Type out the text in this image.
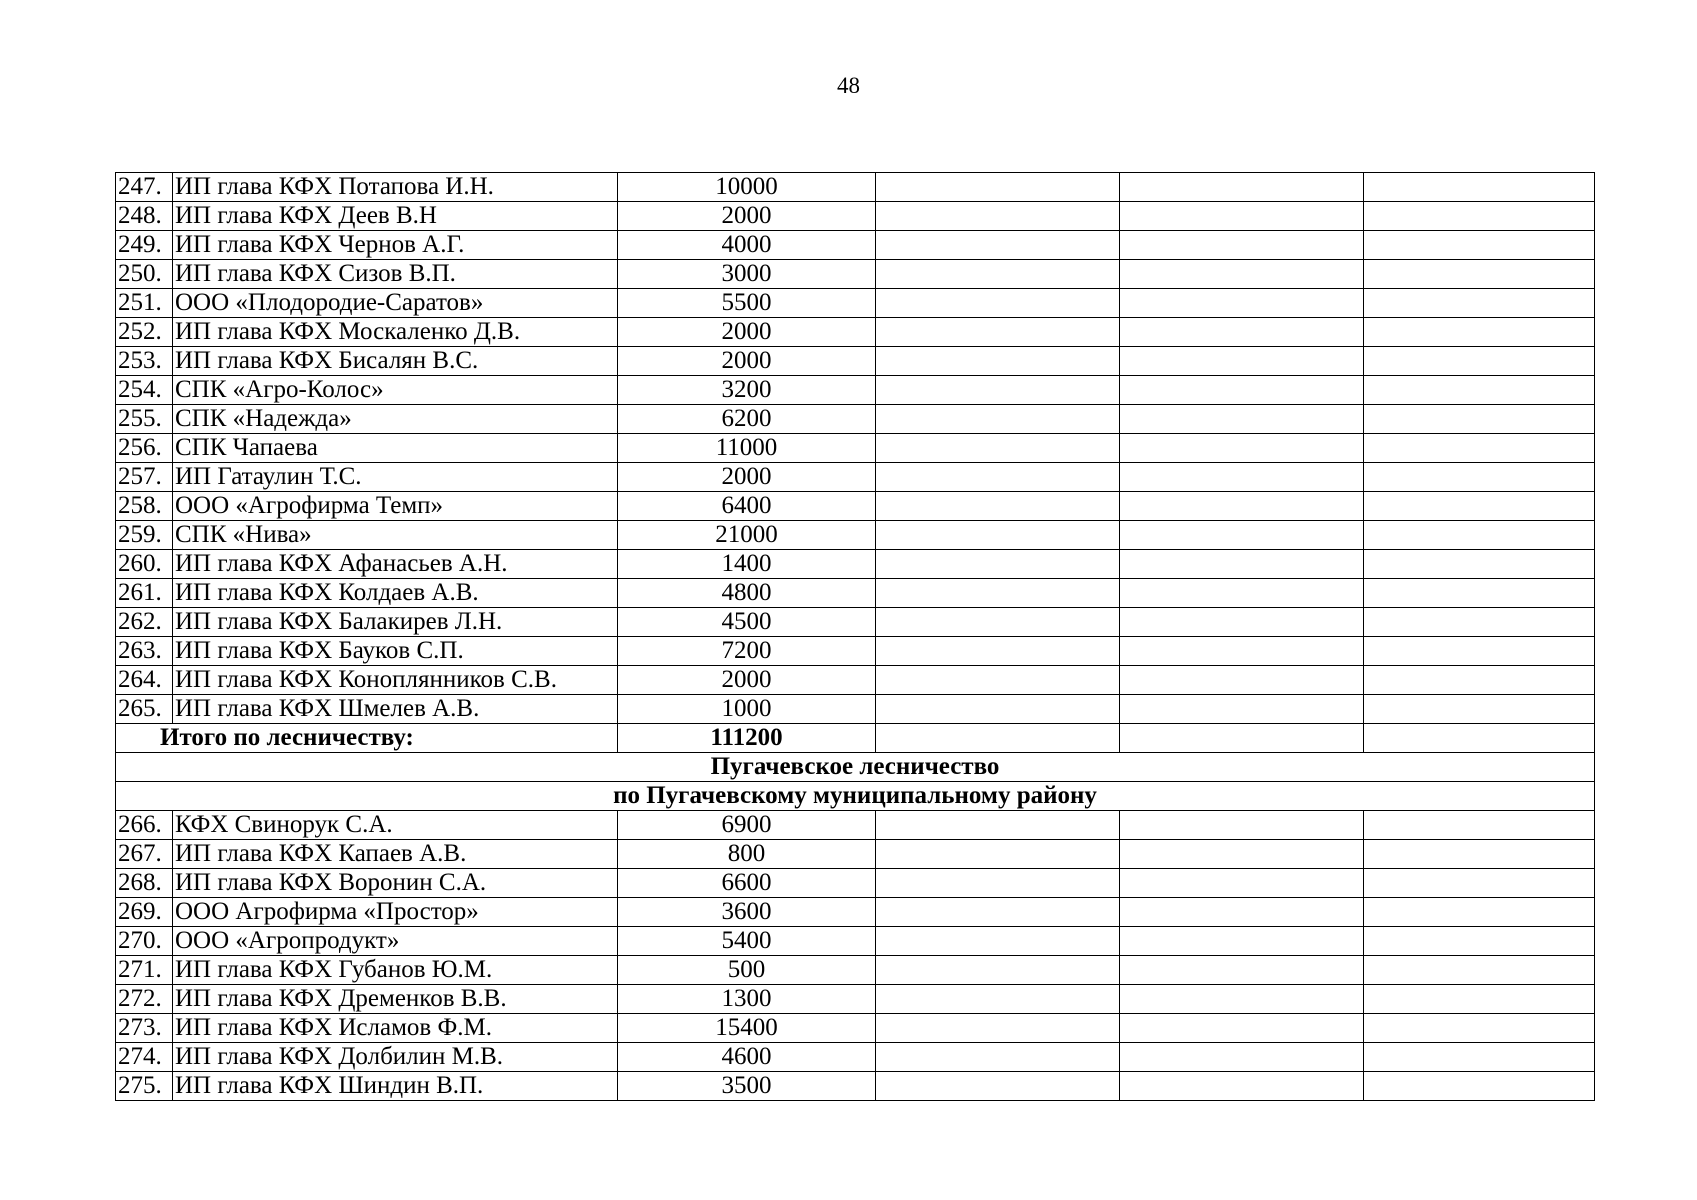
48
247.	ИП глава КФХ Потапова И.Н.	10000			
248.	ИП глава КФХ Деев В.Н	2000			
249.	ИП глава КФХ Чернов А.Г.	4000			
250.	ИП глава КФХ Сизов В.П.	3000			
251.	ООО «Плодородие-Саратов»	5500			
252.	ИП глава КФХ Москаленко Д.В.	2000			
253.	ИП глава КФХ Бисалян В.С.	2000			
254.	СПК «Агро-Колос»	3200			
255.	СПК «Надежда»	6200			
256.	СПК Чапаева	11000			
257.	ИП Гатаулин Т.С.	2000			
258.	ООО «Агрофирма Темп»	6400			
259.	СПК «Нива»	21000			
260.	ИП глава КФХ Афанасьев А.Н.	1400			
261.	ИП глава КФХ Колдаев А.В.	4800			
262.	ИП глава КФХ Балакирев Л.Н.	4500			
263.	ИП глава КФХ Бауков С.П.	7200			
264.	ИП глава КФХ Коноплянников С.В.	2000			
265.	ИП глава КФХ Шмелев А.В.	1000			
Итого по лесничеству:		111200			
Пугачевское лесничество					
по Пугачевскому муниципальному району					
266.	КФХ Свинорук С.А.	6900			
267.	ИП глава КФХ Капаев А.В.	800			
268.	ИП глава КФХ Воронин С.А.	6600			
269.	ООО Агрофирма «Простор»	3600			
270.	ООО «Агропродукт»	5400			
271.	ИП глава КФХ Губанов Ю.М.	500			
272.	ИП глава КФХ Дременков В.В.	1300			
273.	ИП глава КФХ Исламов Ф.М.	15400			
274.	ИП глава КФХ Долбилин М.В.	4600			
275.	ИП глава КФХ Шиндин В.П.	3500			
